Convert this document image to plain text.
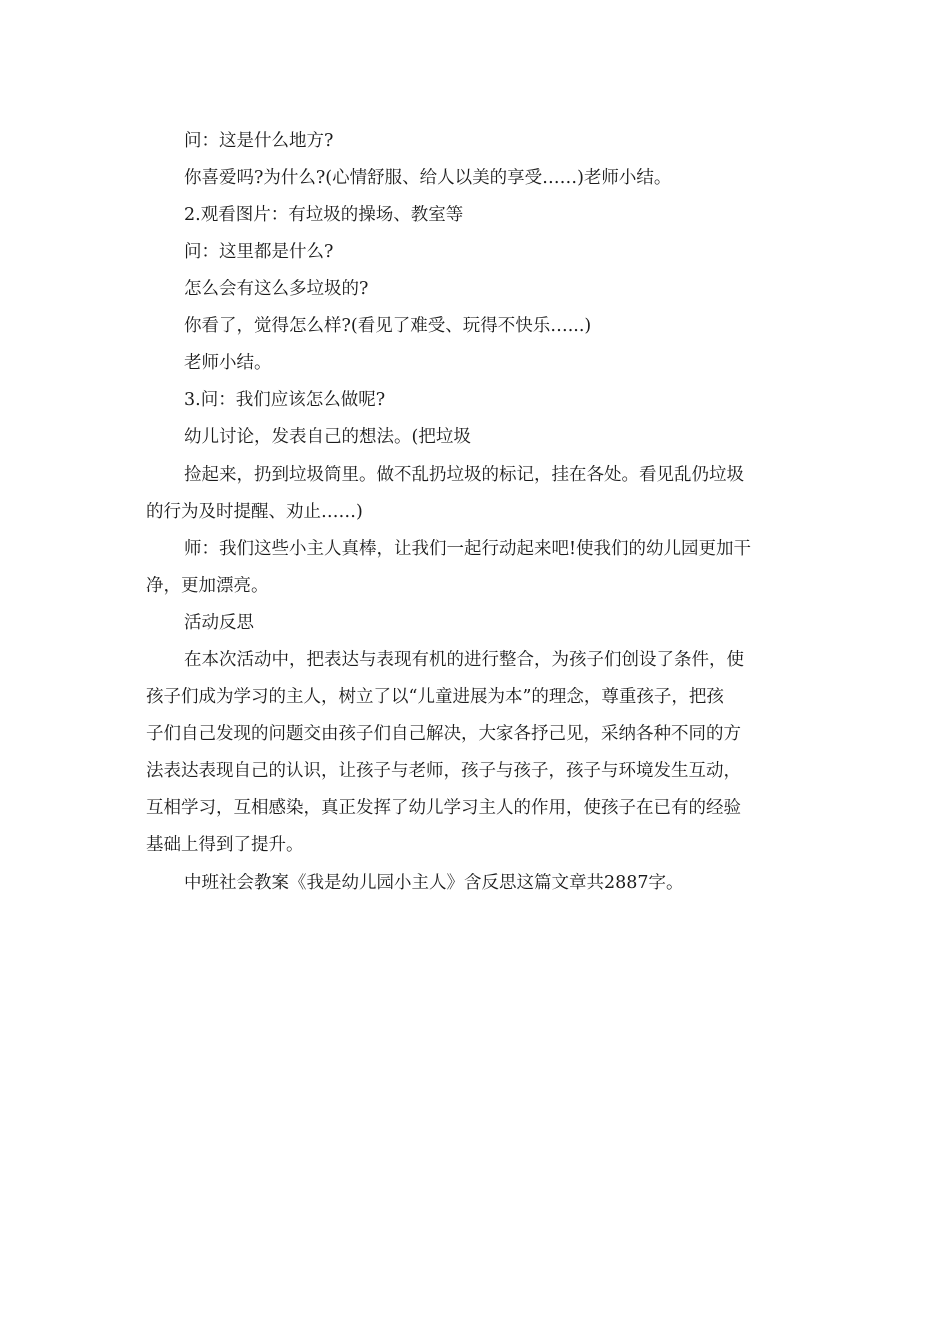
问：这是什么地方?
你喜爱吗?为什么?(心情舒服、给人以美的享受……)老师小结。
2.观看图片：有垃圾的操场、教室等
问：这里都是什么?
怎么会有这么多垃圾的?
你看了，觉得怎么样?(看见了难受、玩得不快乐…...)
老师小结。
3.问：我们应该怎么做呢?
幼儿讨论，发表自己的想法。(把垃圾
捡起来，扔到垃圾筒里。做不乱扔垃圾的标记，挂在各处。看见乱仍垃圾
的行为及时提醒、劝止……)
师：我们这些小主人真棒，让我们一起行动起来吧!使我们的幼儿园更加干
净，更加漂亮。
活动反思
在本次活动中，把表达与表现有机的进行整合，为孩子们创设了条件，使
孩子们成为学习的主人，树立了以“儿童进展为本”的理念，尊重孩子，把孩
子们自己发现的问题交由孩子们自己解决，大家各抒己见，采纳各种不同的方
法表达表现自己的认识，让孩子与老师，孩子与孩子，孩子与环境发生互动，
互相学习，互相感染，真正发挥了幼儿学习主人的作用，使孩子在已有的经验
基础上得到了提升。
中班社会教案《我是幼儿园小主人》含反思这篇文章共2887字。
